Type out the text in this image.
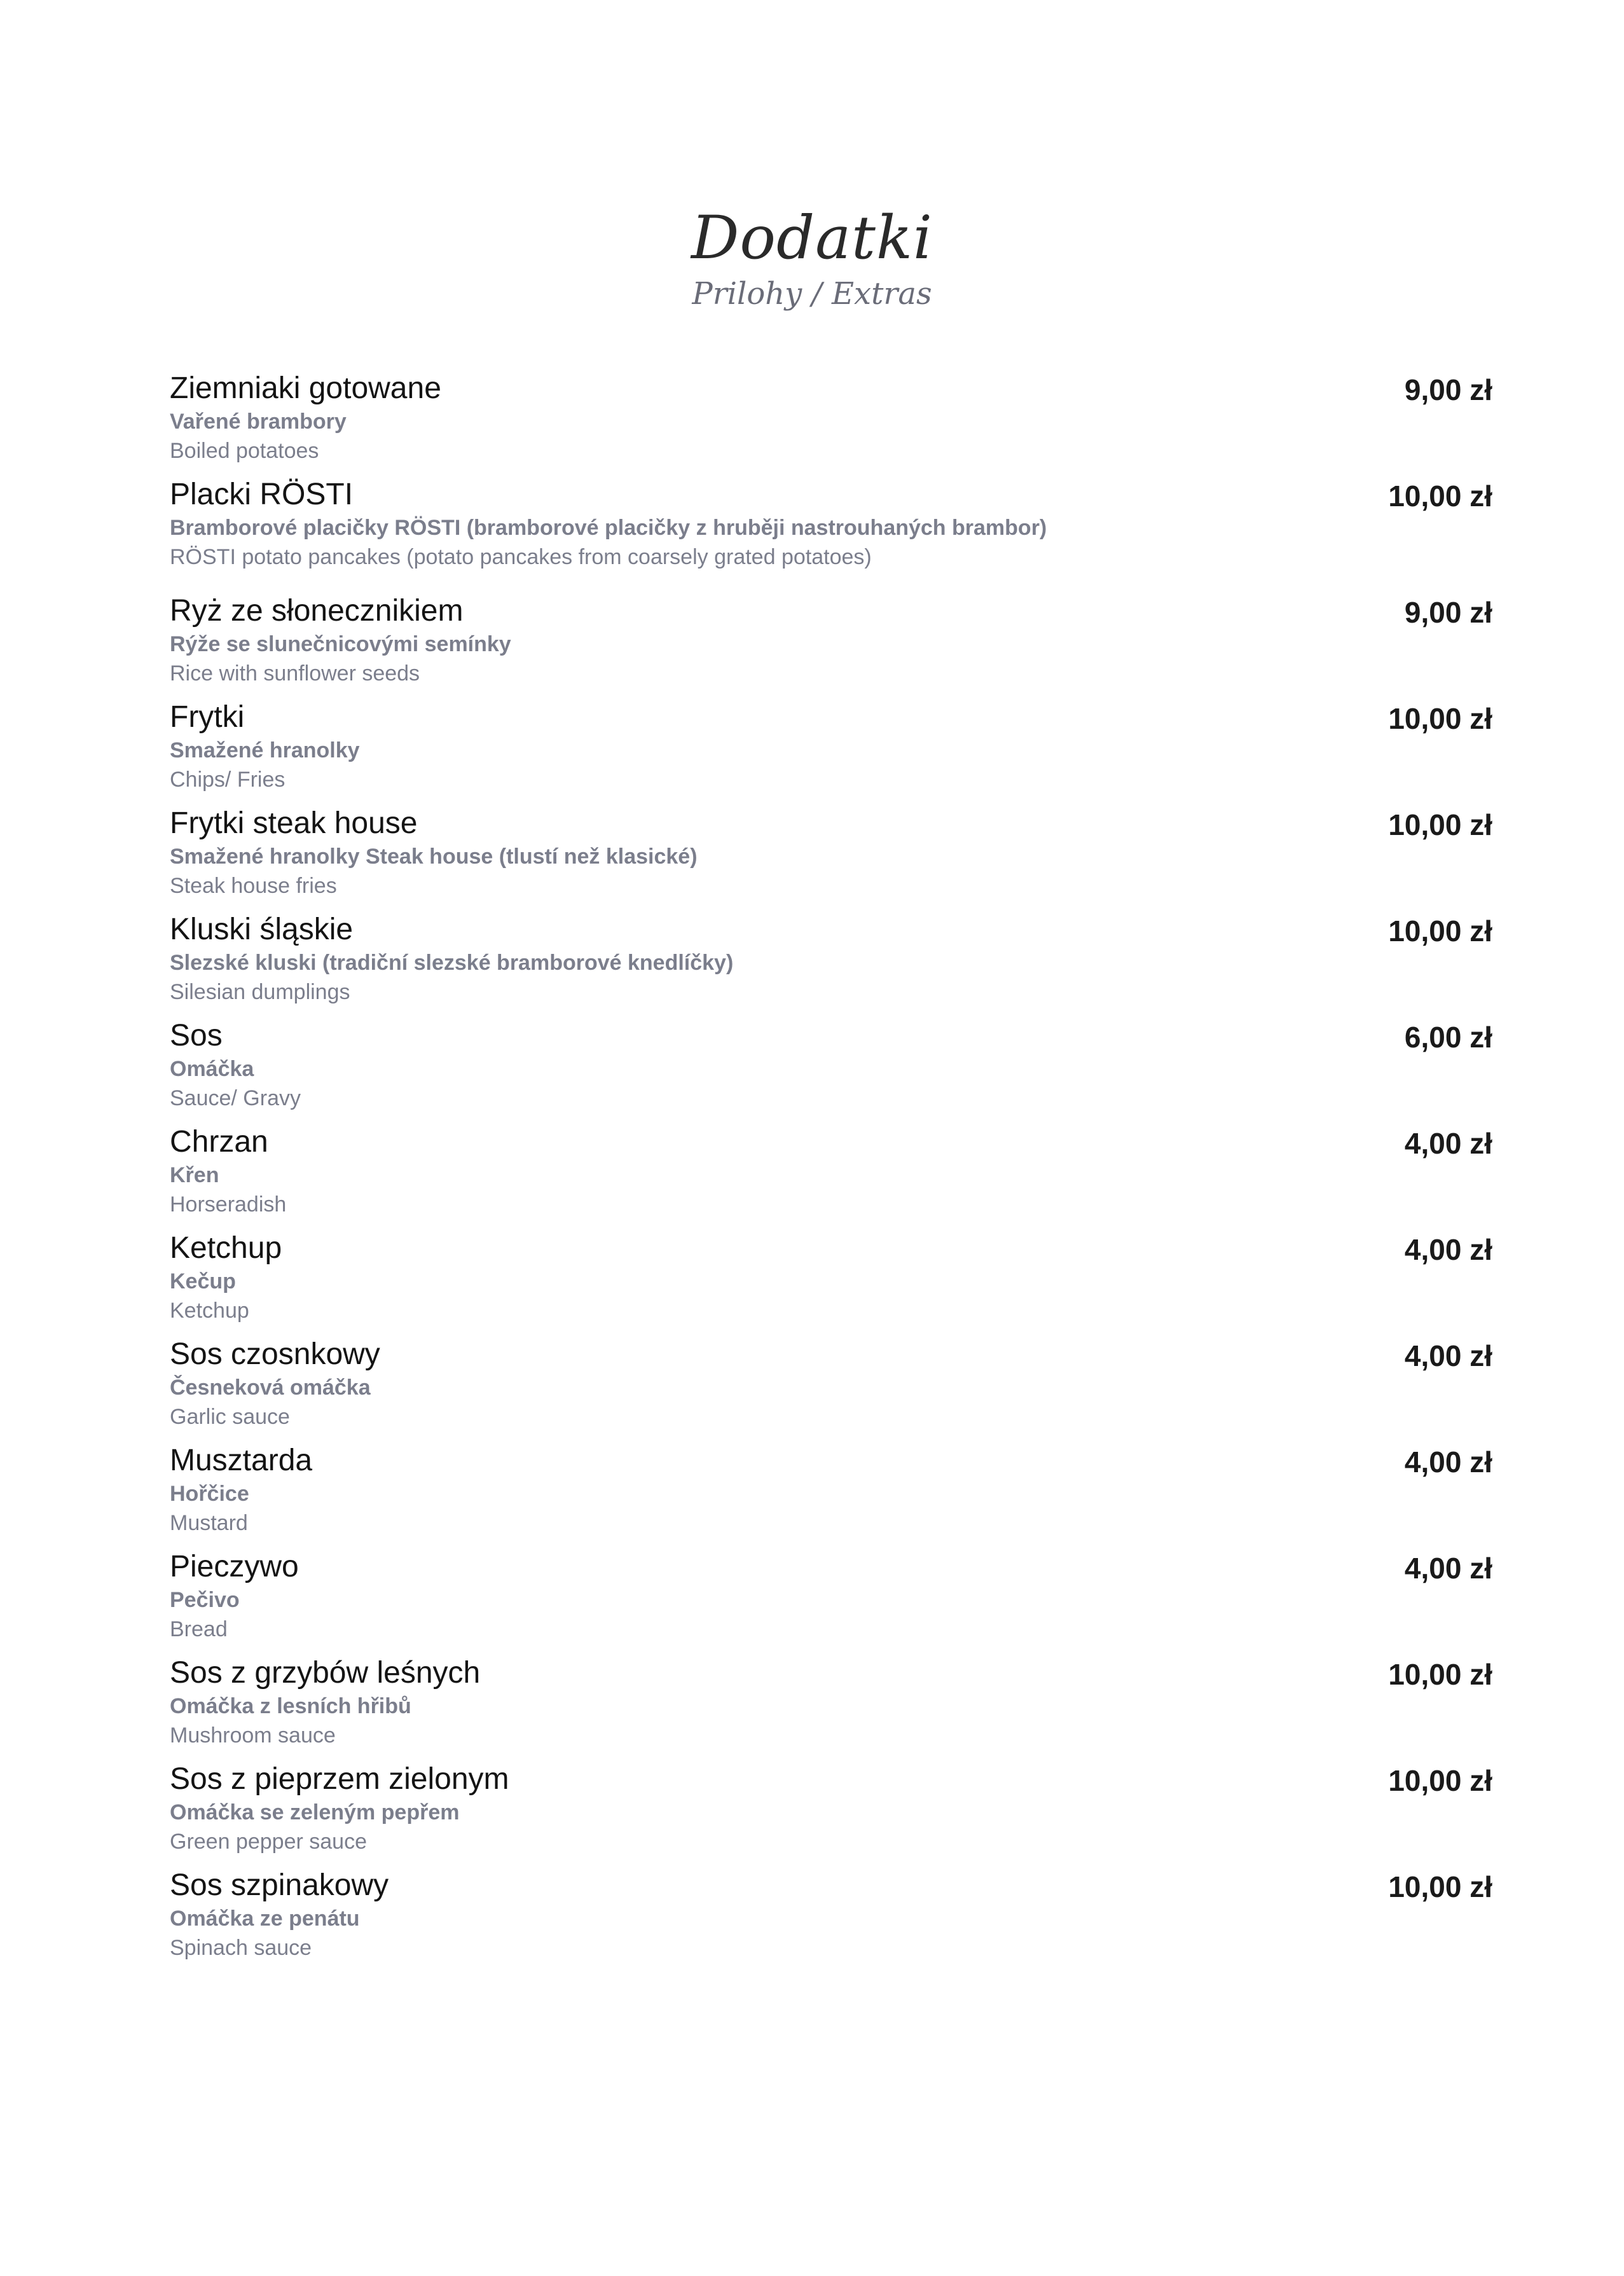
Dodatki
Prilohy / Extras
Ziemniaki gotowane
Vařené brambory
Boiled potatoes
9,00 zł
Placki RÖSTI
Bramborové placičky RÖSTI (bramborové placičky z hruběji nastrouhaných brambor)
RÖSTI potato pancakes (potato pancakes from coarsely grated potatoes)
10,00 zł
Ryż ze słonecznikiem
Rýže se slunečnicovými semínky
Rice with sunflower seeds
9,00 zł
Frytki
Smažené hranolky
Chips/ Fries
10,00 zł
Frytki steak house
Smažené hranolky Steak house (tlustí než klasické)
Steak house fries
10,00 zł
Kluski śląskie
Slezské kluski (tradiční slezské bramborové knedlíčky)
Silesian dumplings
10,00 zł
Sos
Omáčka
Sauce/ Gravy
6,00 zł
Chrzan
Křen
Horseradish
4,00 zł
Ketchup
Kečup
Ketchup
4,00 zł
Sos czosnkowy
Česneková omáčka
Garlic sauce
4,00 zł
Musztarda
Hořčice
Mustard
4,00 zł
Pieczywo
Pečivo
Bread
4,00 zł
Sos z grzybów leśnych
Omáčka z lesních hřibů
Mushroom sauce
10,00 zł
Sos z pieprzem zielonym
Omáčka se zeleným pepřem
Green pepper sauce
10,00 zł
Sos szpinakowy
Omáčka ze penátu
Spinach sauce
10,00 zł
